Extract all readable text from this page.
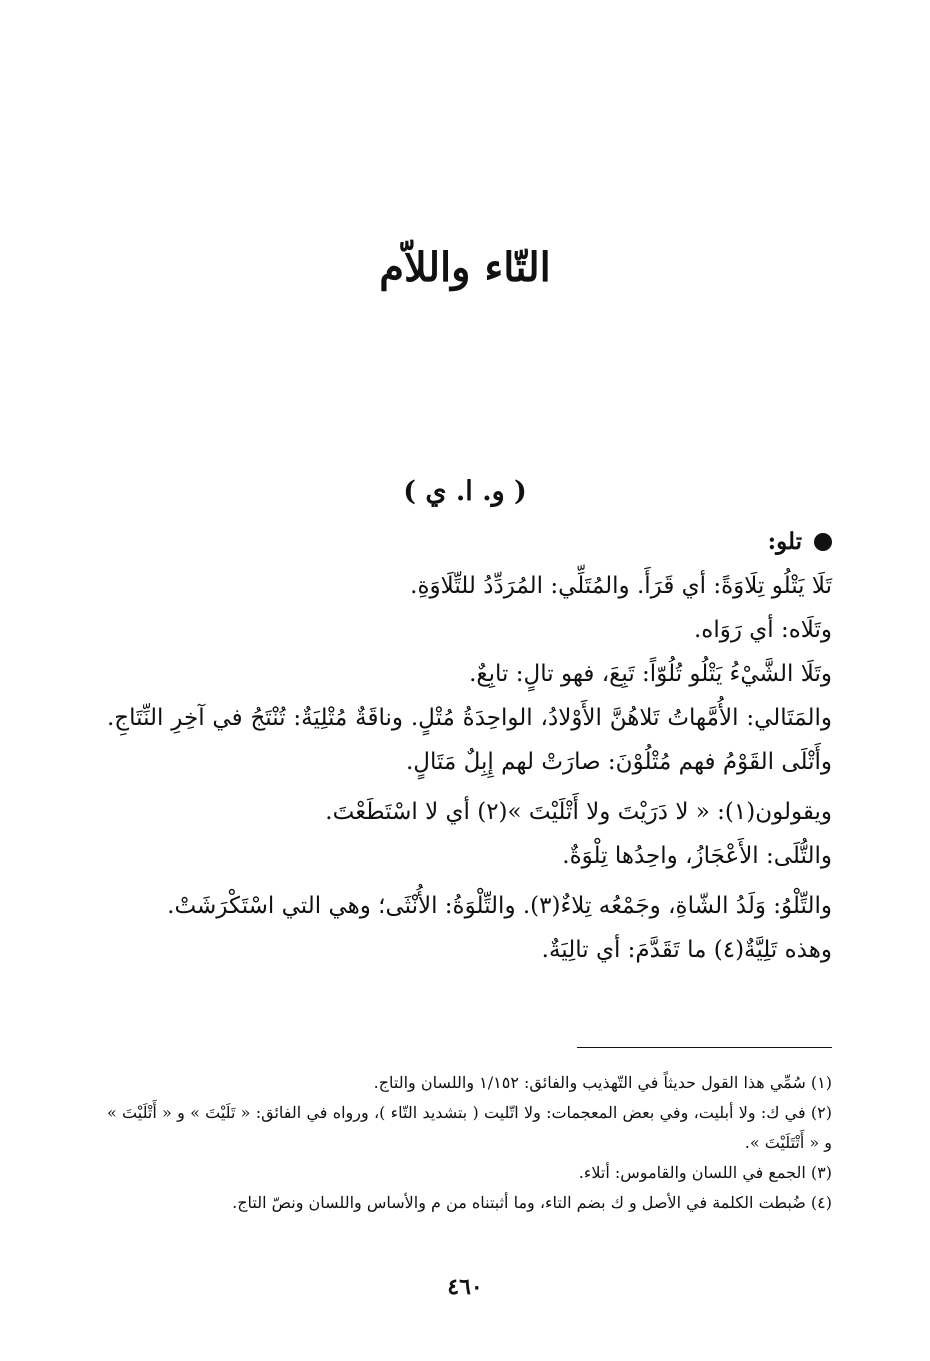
التّاء واللاّم
( و. ا. ي )
تلو:

تَلَا يَتْلُو تِلَاوَةً: أي قَرَأَ. والمُتَلِّي: المُرَدِّدُ للتِّلَاوَةِ.

وتَلَاه: أي رَوَاه.

وتَلَا الشَّيْءُ يَتْلُو تُلُوّاً: تَبِعَ، فهو تالٍ: تابِعٌ.

والمَتَالي: الأُمَّهاتُ تَلاهُنَّ الأَوْلادُ، الواحِدَةُ مُتْلٍ. وناقَةٌ مُتْلِيَةٌ: تُنْتَجُ في آخِرِ النِّتَاجِ. وأَتْلَى القَوْمُ فهم مُتْلُوْنَ: صارَتْ لهم إِبِلٌ مَتَالٍ.

ويقولون(١): « لا دَرَيْتَ ولا أَتْلَيْتَ »(٢) أي لا اسْتَطَعْتَ.

والتُّلَى: الأَعْجَازُ، واحِدُها تِلْوَةٌ.

والتِّلْوُ: وَلَدُ الشّاةِ، وجَمْعُه تِلاءٌ(٣). والتِّلْوَةُ: الأُنْثَى؛ وهي التي اسْتَكْرَشَتْ.

وهذه تَلِيَّةٌ(٤) ما تَقَدَّمَ: أي تالِيَةٌ.

(١) سُمِّي هذا القول حديثاً في التّهذيب والفائق: ١/١٥٢ واللسان والتاج.

(٢) في ك: ولا أبليت، وفي بعض المعجمات: ولا اتّليت ( بتشديد التّاء )، ورواه في الفائق: « تَلَيْتَ » و « أَتْلَيْتَ » و « أَتْتَلَيْتَ ».

(٣) الجمع في اللسان والقاموس: أتلاء.

(٤) ضُبطت الكلمة في الأصل و ك بضم التاء، وما أثبتناه من م والأساس واللسان ونصّ التاج.

٤٦٠
